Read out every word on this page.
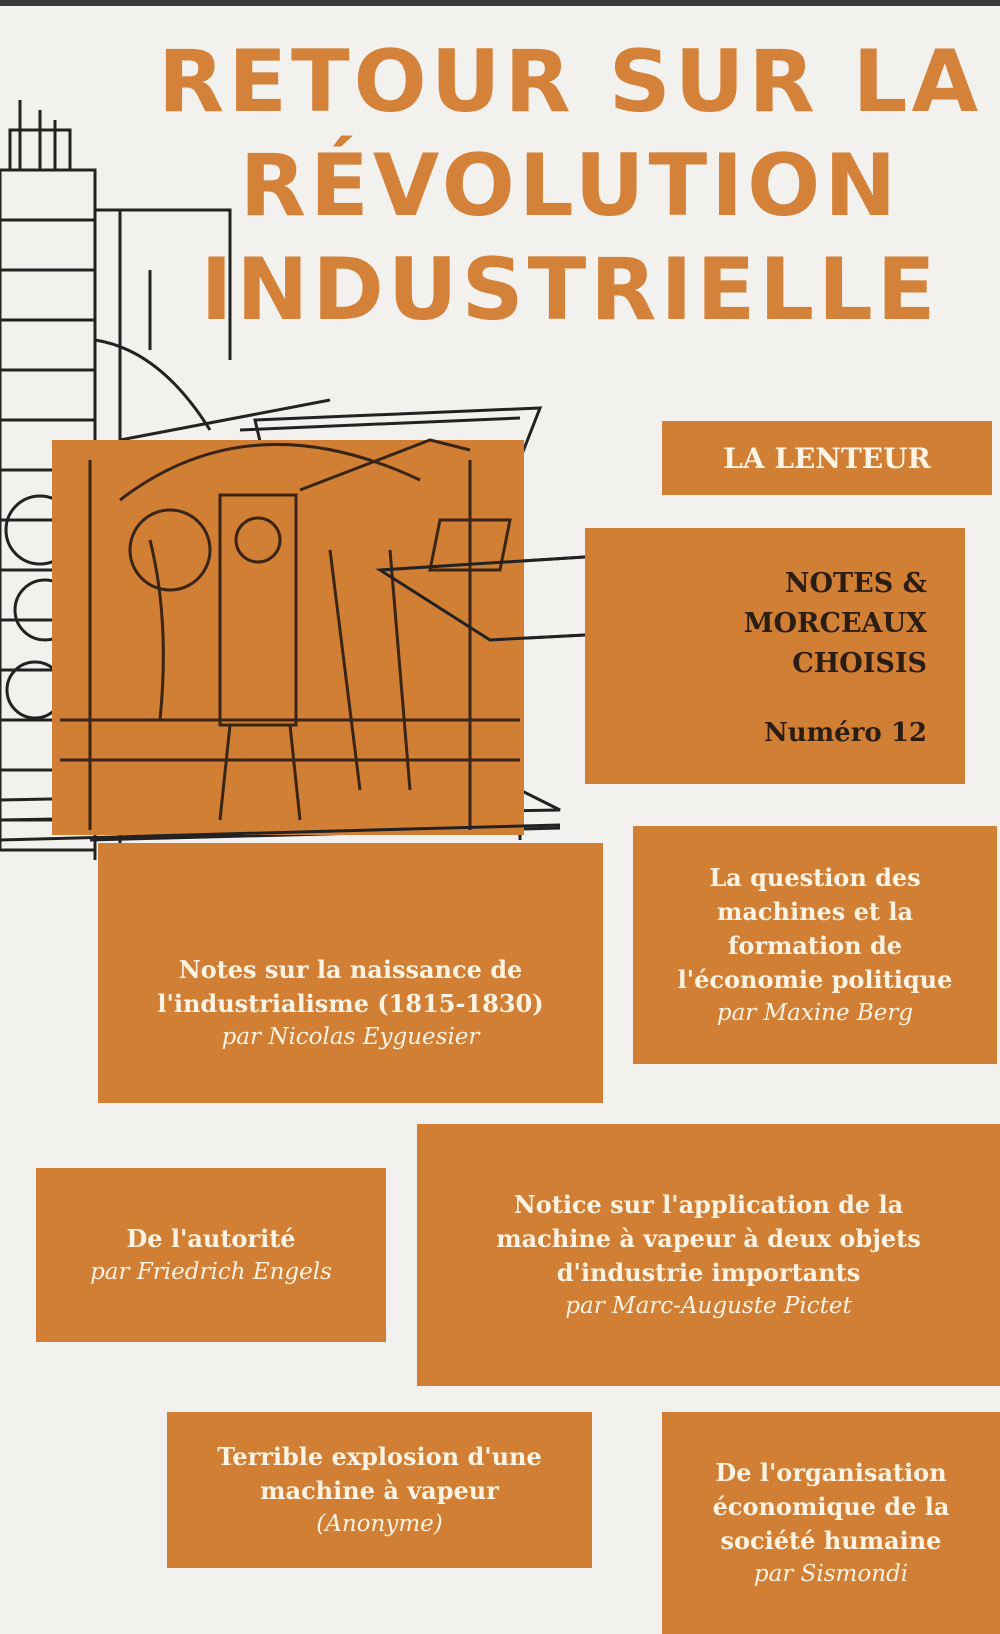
RETOUR SUR LA
RÉVOLUTION
INDUSTRIELLE
LA LENTEUR
NOTES &
MORCEAUX
CHOISIS
Numéro 12
Notes sur la naissance de
l'industrialisme (1815-1830)
par Nicolas Eyguesier
La question des
machines et la
formation de
l'économie politique
par Maxine Berg
De l'autorité
par Friedrich Engels
Notice sur l'application de la
machine à vapeur à deux objets
d'industrie importants
par Marc-Auguste Pictet
Terrible explosion d'une
machine à vapeur
(Anonyme)
De l'organisation
économique de la
société humaine
par Sismondi
